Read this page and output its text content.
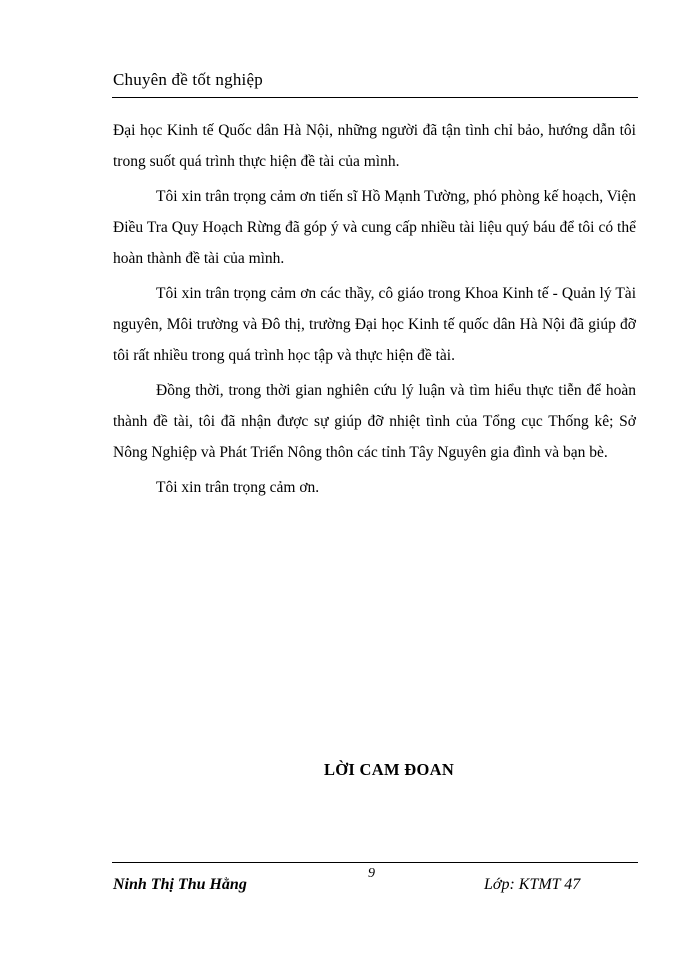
Chuyên đề tốt nghiệp

Đại học Kinh tế Quốc dân Hà Nội, những người đã tận tình chỉ bảo, hướng dẫn tôi trong suốt quá trình thực hiện đề tài của mình.

Tôi xin trân trọng cảm ơn tiến sĩ Hồ Mạnh Tường, phó phòng kế hoạch, Viện Điều Tra Quy Hoạch Rừng đã góp ý và cung cấp nhiều tài liệu quý báu để tôi có thể hoàn thành đề tài của mình.

Tôi xin trân trọng cảm ơn các thầy, cô giáo trong Khoa Kinh tế - Quản lý Tài nguyên, Môi trường và Đô thị, trường Đại học Kinh tế quốc dân Hà Nội đã giúp đỡ tôi rất nhiều trong quá trình học tập và thực hiện đề tài.

Đồng thời, trong thời gian nghiên cứu lý luận và tìm hiểu thực tiễn để hoàn thành đề tài, tôi đã nhận được sự giúp đỡ nhiệt tình của Tổng cục Thống kê; Sở Nông Nghiệp và Phát Triển Nông thôn các tỉnh Tây Nguyên gia đình và bạn bè.

Tôi xin trân trọng cảm ơn.

LỜI CAM ĐOAN
9
Ninh Thị Thu Hằng	Lớp: KTMT 47
